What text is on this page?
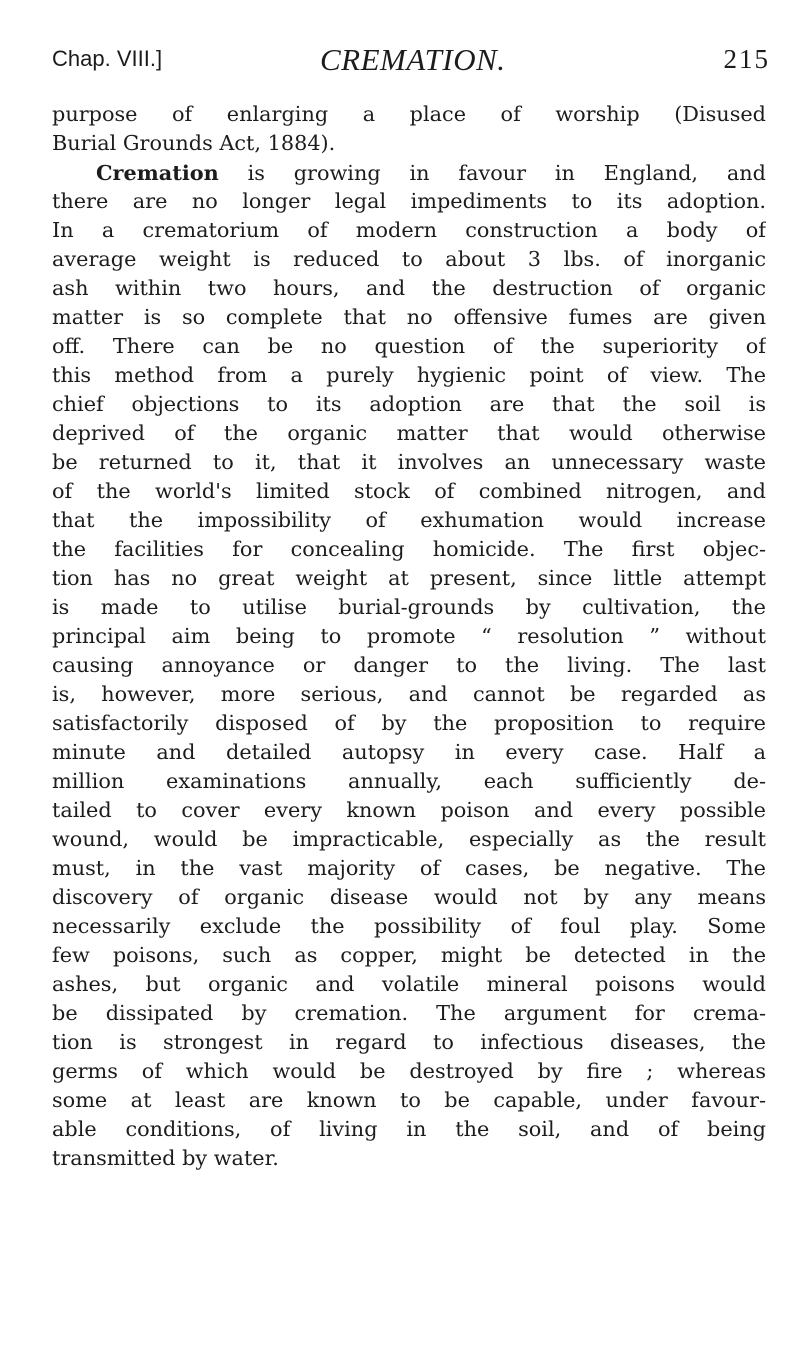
Chap. VIII.]	CREMATION.	215
purpose of enlarging a place of worship (Disused
Burial Grounds Act, 1884).
Cremation is growing in favour in England, and
there are no longer legal impediments to its adoption.
In a crematorium of modern construction a body of
average weight is reduced to about 3 lbs. of inorganic
ash within two hours, and the destruction of organic
matter is so complete that no offensive fumes are given
off. There can be no question of the superiority of
this method from a purely hygienic point of view. The
chief objections to its adoption are that the soil is
deprived of the organic matter that would otherwise
be returned to it, that it involves an unnecessary waste
of the world's limited stock of combined nitrogen, and
that the impossibility of exhumation would increase
the facilities for concealing homicide. The first objec-
tion has no great weight at present, since little attempt
is made to utilise burial-grounds by cultivation, the
principal aim being to promote “ resolution ” without
causing annoyance or danger to the living. The last
is, however, more serious, and cannot be regarded as
satisfactorily disposed of by the proposition to require
minute and detailed autopsy in every case. Half a
million examinations annually, each sufficiently de-
tailed to cover every known poison and every possible
wound, would be impracticable, especially as the result
must, in the vast majority of cases, be negative. The
discovery of organic disease would not by any means
necessarily exclude the possibility of foul play. Some
few poisons, such as copper, might be detected in the
ashes, but organic and volatile mineral poisons would
be dissipated by cremation. The argument for crema-
tion is strongest in regard to infectious diseases, the
germs of which would be destroyed by fire ; whereas
some at least are known to be capable, under favour-
able conditions, of living in the soil, and of being
transmitted by water.
